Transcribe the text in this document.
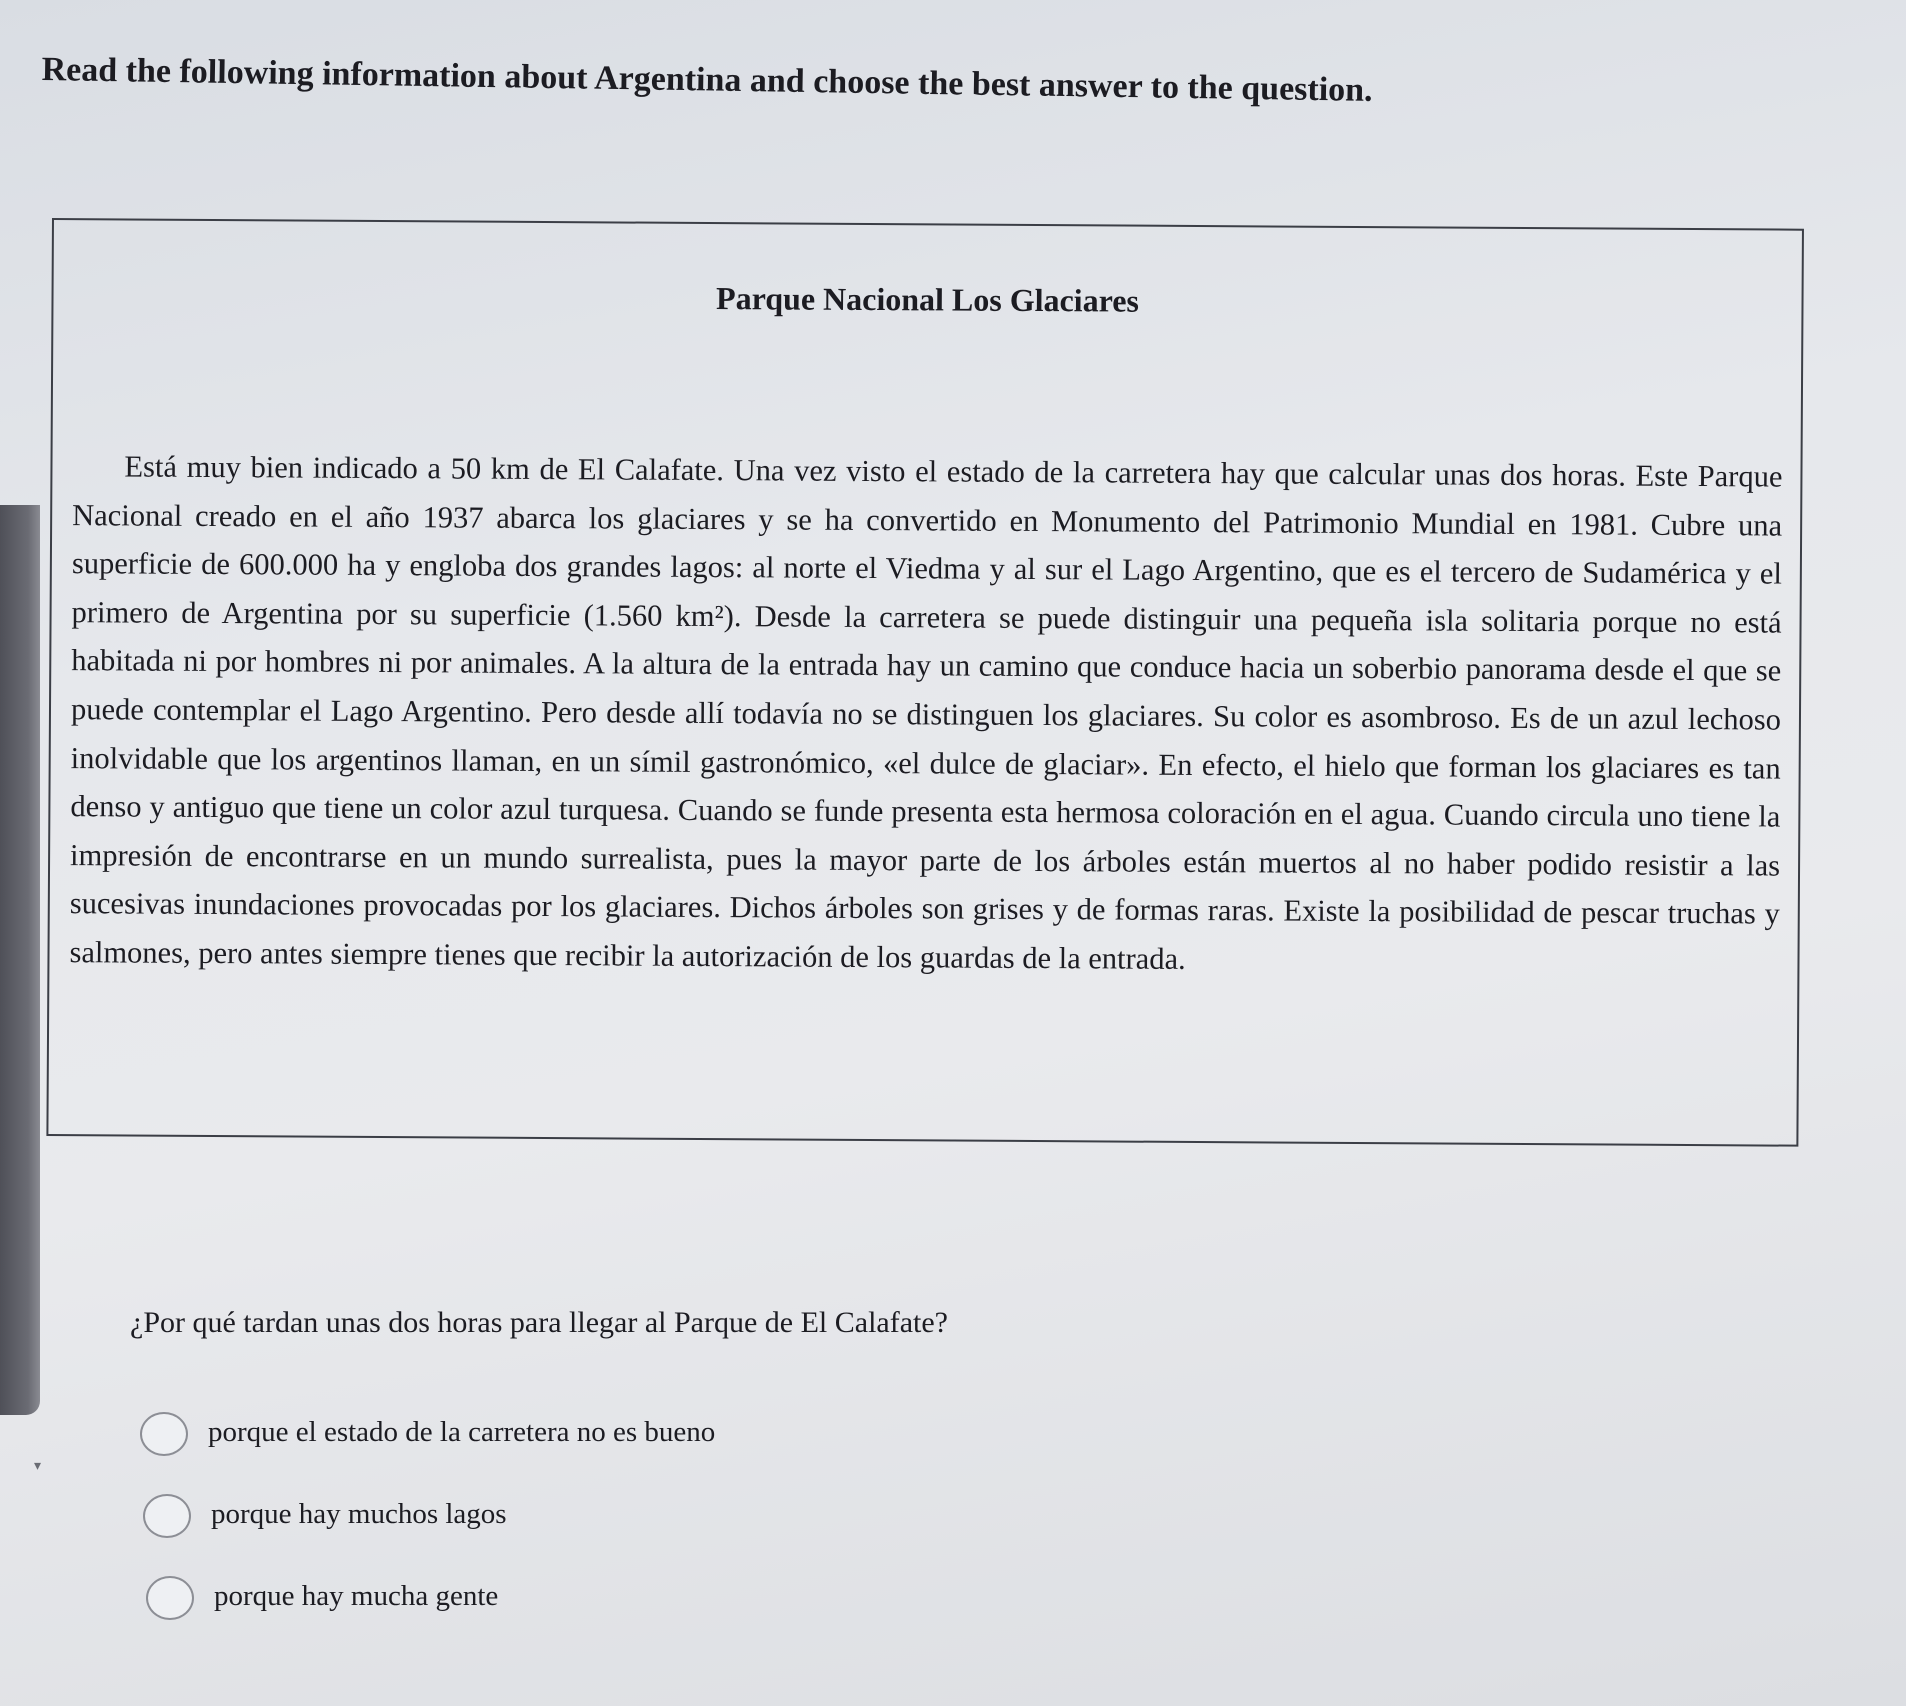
Read the following information about Argentina and choose the best answer to the question.

Parque Nacional Los Glaciares

Está muy bien indicado a 50 km de El Calafate. Una vez visto el estado de la carretera hay que calcular unas dos horas. Este Parque Nacional creado en el año 1937 abarca los glaciares y se ha convertido en Monumento del Patrimonio Mundial en 1981. Cubre una superficie de 600.000 ha y engloba dos grandes lagos: al norte el Viedma y al sur el Lago Argentino, que es el tercero de Sudamérica y el primero de Argentina por su superficie (1.560 km²). Desde la carretera se puede distinguir una pequeña isla solitaria porque no está habitada ni por hombres ni por animales. A la altura de la entrada hay un camino que conduce hacia un soberbio panorama desde el que se puede contemplar el Lago Argentino. Pero desde allí todavía no se distinguen los glaciares. Su color es asombroso. Es de un azul lechoso inolvidable que los argentinos llaman, en un símil gastronómico, «el dulce de glaciar». En efecto, el hielo que forman los glaciares es tan denso y antiguo que tiene un color azul turquesa. Cuando se funde presenta esta hermosa coloración en el agua. Cuando circula uno tiene la impresión de encontrarse en un mundo surrealista, pues la mayor parte de los árboles están muertos al no haber podido resistir a las sucesivas inundaciones provocadas por los glaciares. Dichos árboles son grises y de formas raras. Existe la posibilidad de pescar truchas y salmones, pero antes siempre tienes que recibir la autorización de los guardas de la entrada.

¿Por qué tardan unas dos horas para llegar al Parque de El Calafate?

▾
porque el estado de la carretera no es bueno
porque hay muchos lagos
porque hay mucha gente
